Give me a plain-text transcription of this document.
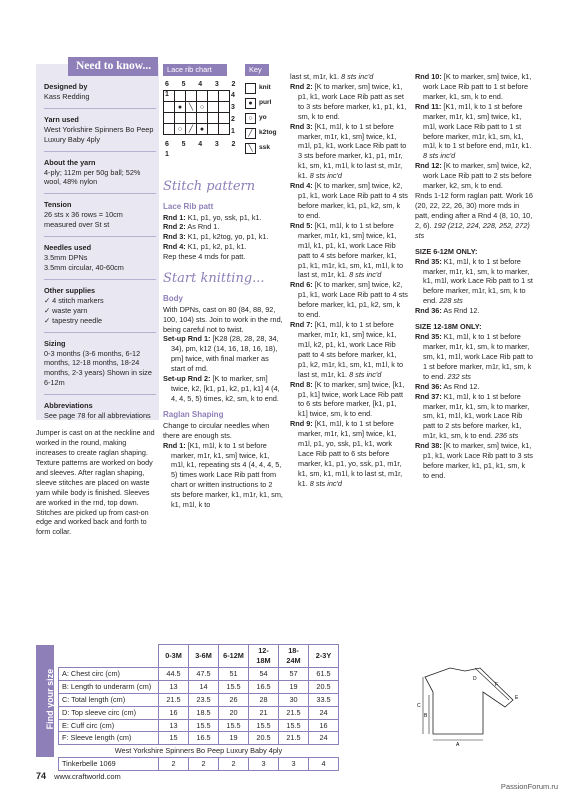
Designed by
Kass Redding
Yarn used
West Yorkshire Spinners Bo Peep Luxury Baby 4ply
About the yarn
4-ply; 112m per 50g ball; 52% wool, 48% nylon
Tension
26 sts x 36 rows = 10cm measured over St st
Needles used
3.5mm DPNs
3.5mm circular, 40-60cm
Other supplies
✓ 4 stitch markers
✓ waste yarn
✓ tapestry needle
Sizing
0-3 months (3-6 months, 6-12 months, 12-18 months, 18-24 months, 2-3 years) Shown in size 6-12m
Abbreviations
See page 78 for all abbreviations
Need to know...

Jumper is cast on at the neckline and worked in the round, making increases to create raglan shaping. Texture patterns are worked on body and sleeves. After raglan shaping, sleeve stitches are placed on waste yarn while body is finished. Sleeves are worked in the rnd, top down. Stitches are picked up from cast-on edge and worked back and forth to form collar.

Lace rib chart	Key
6 5 4 3 2 1

	●	╲	○		

	○	╱	●		
6 5 4 3 2 1
4
3
2
1
knit
● purl
○ yo
╱ k2tog
╲ ssk
Stitch pattern
Lace Rib patt

Rnd 1: K1, p1, yo, ssk, p1, k1.

Rnd 2: As Rnd 1.

Rnd 3: K1, p1, k2tog, yo, p1, k1.

Rnd 4: K1, p1, k2, p1, k1.

Rep these 4 rnds for patt.

Start knitting...
Body

With DPNs, cast on 80 (84, 88, 92, 100, 104) sts. Join to work in the rnd, being careful not to twist.

Set-up Rnd 1: [K28 (28, 28, 28, 34, 34), pm, k12 (14, 16, 18, 16, 18), pm] twice, with final marker as start of rnd.

Set-up Rnd 2: [K to marker, sm] twice, k2, [k1, p1, k2, p1, k1] 4 (4, 4, 4, 5, 5) times, k2, sm, k to end.

Raglan Shaping

Change to circular needles when there are enough sts.

Rnd 1: [K1, m1l, k to 1 st before marker, m1r, k1, sm] twice, k1, m1l, k1, repeating sts 4 (4, 4, 4, 5, 5) times work Lace Rib patt from chart or written instructions to 2 sts before marker, k1, m1r, k1, sm, k1, m1l, k to

last st, m1r, k1. 8 sts inc'd

Rnd 2: [K to marker, sm] twice, k1, p1, k1, work Lace Rib patt as set to 3 sts before marker, k1, p1, k1, sm, k to end.

Rnd 3: [K1, m1l, k to 1 st before marker, m1r, k1, sm] twice, k1, m1l, p1, k1, work Lace Rib patt to 3 sts before marker, k1, p1, m1r, k1, sm, k1, m1l, k to last st, m1r, k1. 8 sts inc'd

Rnd 4: [K to marker, sm] twice, k2, p1, k1, work Lace Rib patt to 4 sts before marker, k1, p1, k2, sm, k to end.

Rnd 5: [K1, m1l, k to 1 st before marker, m1r, k1, sm] twice, k1, m1l, k1, p1, k1, work Lace Rib patt to 4 sts before marker, k1, p1, k1, m1r, k1, sm, k1, m1l, k to last st, m1r, k1. 8 sts inc'd

Rnd 6: [K to marker, sm] twice, k2, p1, k1, work Lace Rib patt to 4 sts before marker, k1, p1, k2, sm, k to end.

Rnd 7: [K1, m1l, k to 1 st before marker, m1r, k1, sm] twice, k1, m1l, k2, p1, k1, work Lace Rib patt to 4 sts before marker, k1, p1, k2, m1r, k1, sm, k1, m1l, k to last st, m1r, k1. 8 sts inc'd

Rnd 8: [K to marker, sm] twice, [k1, p1, k1] twice, work Lace Rib patt to 6 sts before marker, [k1, p1, k1] twice, sm, k to end.

Rnd 9: [K1, m1l, k to 1 st before marker, m1r, k1, sm] twice, k1, m1l, p1, yo, ssk, p1, k1, work Lace Rib patt to 6 sts before marker, k1, p1, yo, ssk, p1, m1r, k1, sm, k1, m1l, k to last st, m1r, k1. 8 sts inc'd

Rnd 10: [K to marker, sm] twice, k1, work Lace Rib patt to 1 st before marker, k1, sm, k to end.

Rnd 11: [K1, m1l, k to 1 st before marker, m1r, k1, sm] twice, k1, m1l, work Lace Rib patt to 1 st before marker, m1r, k1, sm, k1, m1l, k to 1 st before end, m1r, k1. 8 sts inc'd

Rnd 12: [K to marker, sm] twice, k2, work Lace Rib patt to 2 sts before marker, k2, sm, k to end.

Rnds 1-12 form raglan patt. Work 16 (20, 22, 22, 26, 30) more rnds in patt, ending after a Rnd 4 (8, 10, 10, 2, 6). 192 (212, 224, 228, 252, 272) sts

SIZE 6-12M ONLY:

Rnd 35: K1, m1l, k to 1 st before marker, m1r, k1, sm, k to marker, k1, m1l, work Lace Rib patt to 1 st before marker, m1r, k1, sm, k to end. 228 sts

Rnd 36: As Rnd 12.

SIZE 12-18M ONLY:

Rnd 35: K1, m1l, k to 1 st before marker, m1r, k1, sm, k to marker, sm, k1, m1l, work Lace Rib patt to 1 st before marker, m1r, k1, sm, k to end. 232 sts

Rnd 36: As Rnd 12.

Rnd 37: K1, m1l, k to 1 st before marker, m1r, k1, sm, k to marker, sm, k1, m1l, k1, work Lace Rib patt to 2 sts before marker, k1, m1r, k1, sm, k to end. 236 sts

Rnd 38: [K to marker, sm] twice, k1, p1, k1, work Lace Rib patt to 3 sts before marker, k1, p1, k1, sm, k to end.

Find your size
	0-3M	3-6M	6-12M	12-18M	18-24M	2-3Y
A: Chest circ (cm)	44.5	47.5	51	54	57	61.5
B: Length to underarm (cm)	13	14	15.5	16.5	19	20.5
C: Total length (cm)	21.5	23.5	26	28	30	33.5
D: Top sleeve circ (cm)	16	18.5	20	21	21.5	24
E: Cuff circ (cm)	13	15.5	15.5	15.5	15.5	16
F: Sleeve length (cm)	15	16.5	19	20.5	21.5	24
West Yorkshire Spinners Bo Peep Luxury Baby 4ply						
Tinkerbelle 1069	2	2	2	3	3	4
D
E
F
C
B
A
74 www.craftworld.com
PassionForum.ru
